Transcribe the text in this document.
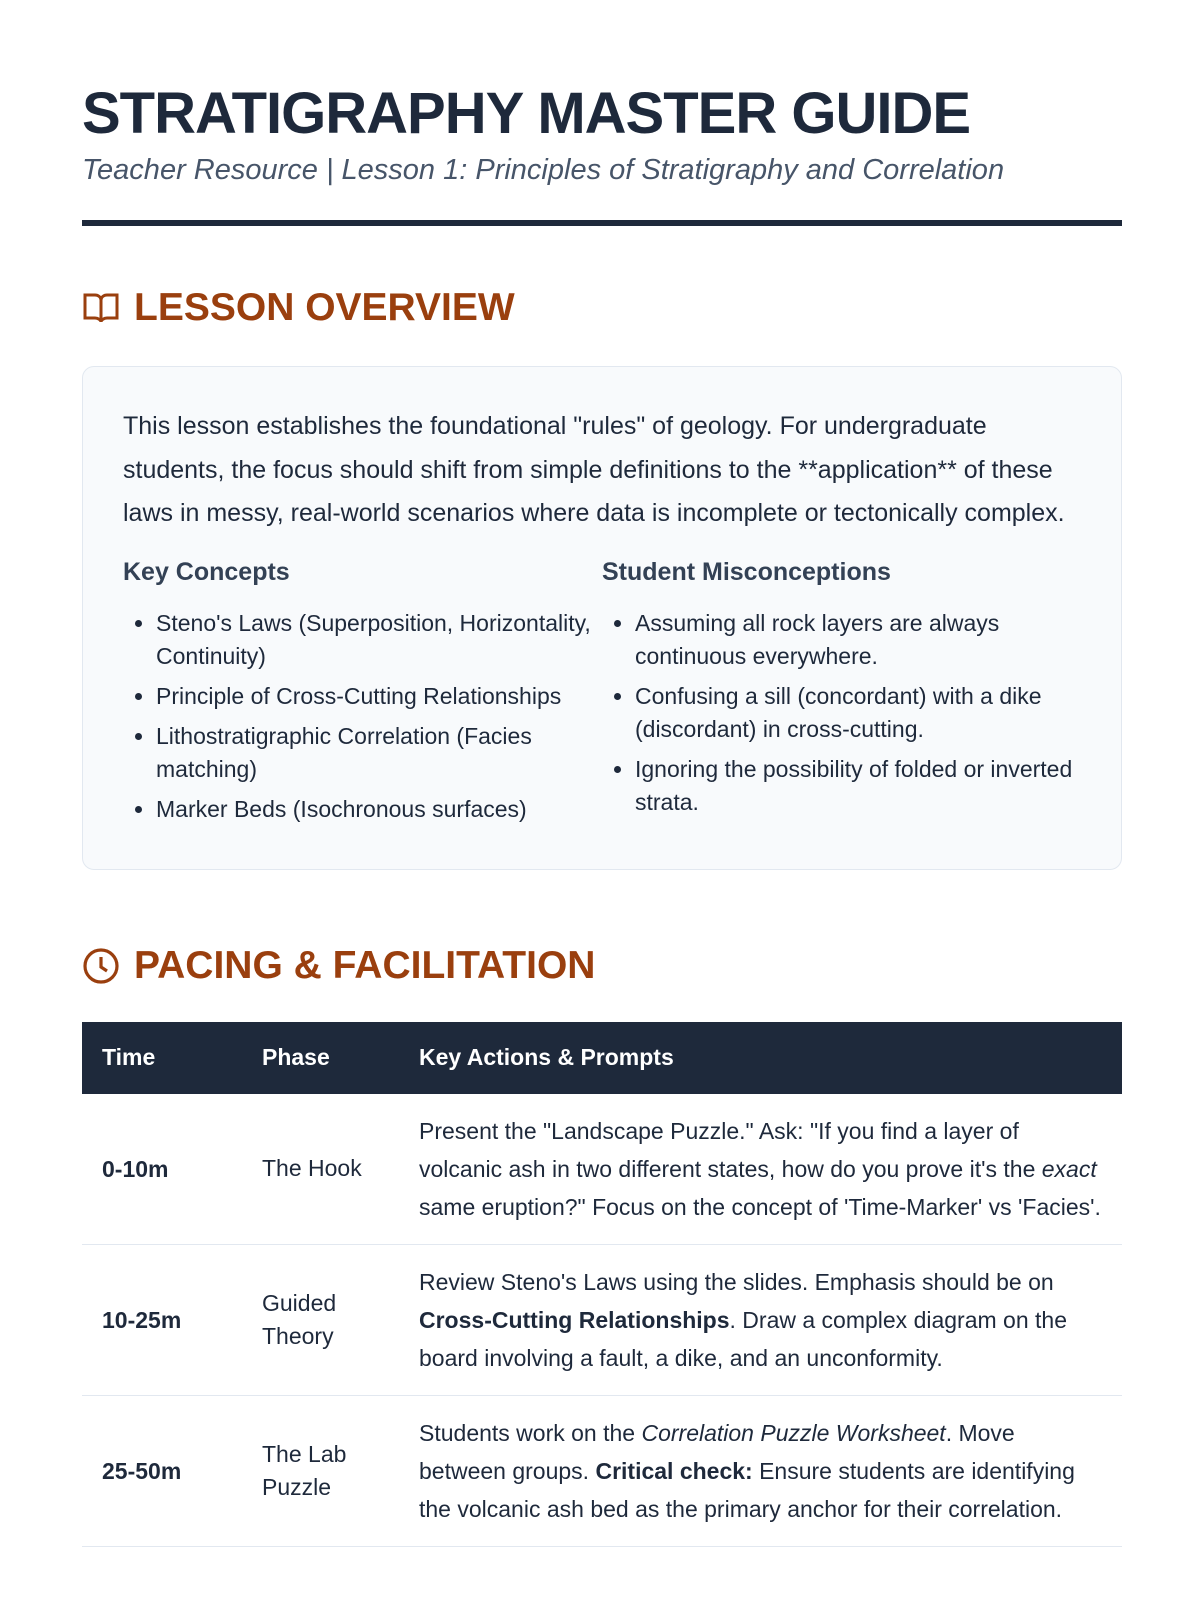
STRATIGRAPHY MASTER GUIDE
Teacher Resource | Lesson 1: Principles of Stratigraphy and Correlation
LESSON OVERVIEW

This lesson establishes the foundational "rules" of geology. For undergraduate students, the focus should shift from simple definitions to the **application** of these laws in messy, real-world scenarios where data is incomplete or tectonically complex.

Key Concepts
• Steno's Laws (Superposition, Horizontality, Continuity)
• Principle of Cross-Cutting Relationships
• Lithostratigraphic Correlation (Facies matching)
• Marker Beds (Isochronous surfaces)
Student Misconceptions
• Assuming all rock layers are always continuous everywhere.
• Confusing a sill (concordant) with a dike (discordant) in cross-cutting.
• Ignoring the possibility of folded or inverted strata.
PACING & FACILITATION
Time	Phase	Key Actions & Prompts
0-10m	The Hook	Present the "Landscape Puzzle." Ask: "If you find a layer of volcanic ash in two different states, how do you prove it's the exact same eruption?" Focus on the concept of 'Time-Marker' vs 'Facies'.
10-25m	Guided Theory	Review Steno's Laws using the slides. Emphasis should be on Cross-Cutting Relationships. Draw a complex diagram on the board involving a fault, a dike, and an unconformity.
25-50m	The Lab Puzzle	Students work on the Correlation Puzzle Worksheet. Move between groups. Critical check: Ensure students are identifying the volcanic ash bed as the primary anchor for their correlation.
